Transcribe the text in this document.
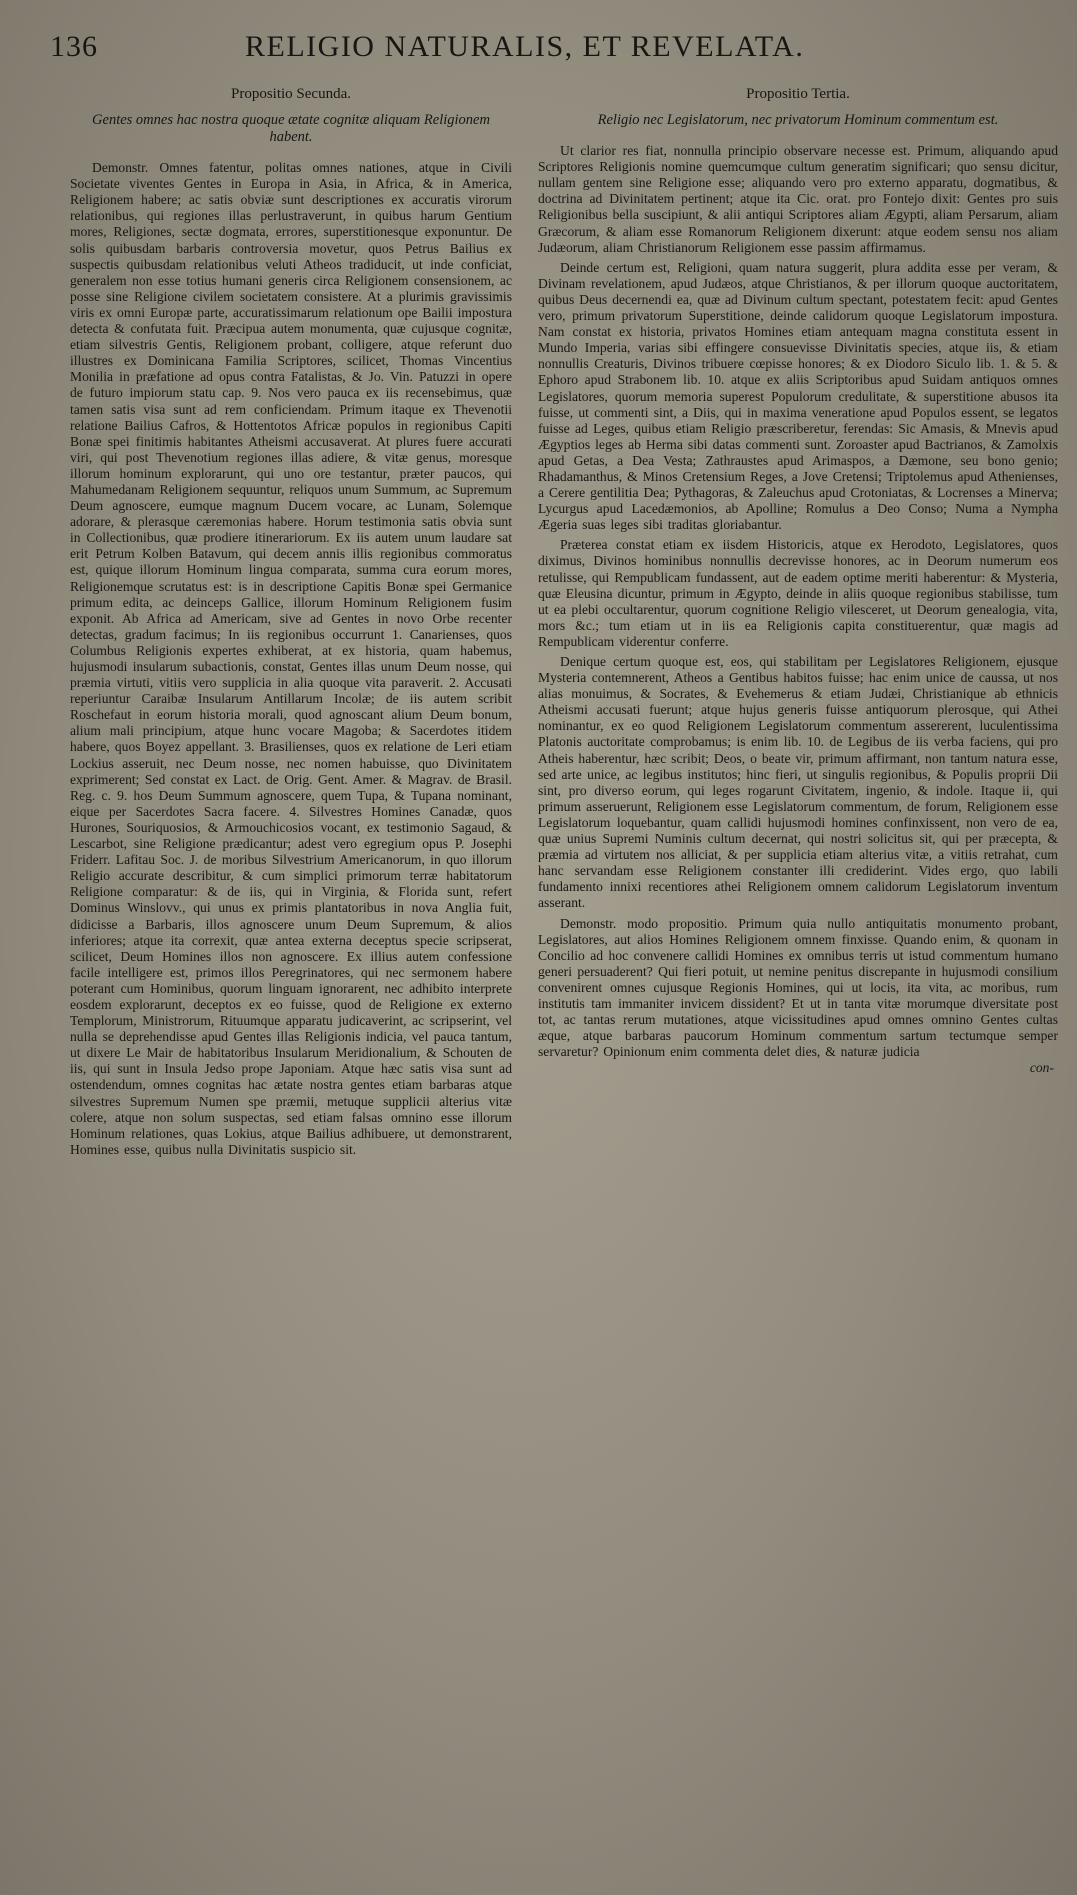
136	RELIGIO NATURALIS, ET REVELATA.
Propositio Secunda.
Gentes omnes hac nostra quoque ætate cognitæ aliquam Religionem habent.

Demonstr. Omnes fatentur, politas omnes nationes, atque in Civili Societate viventes Gentes in Europa in Asia, in Africa, & in America, Religionem habere; ac satis obviæ sunt descriptiones ex accuratis virorum relationibus, qui regiones illas perlustraverunt, in quibus harum Gentium mores, Religiones, sectæ dogmata, errores, superstitionesque exponuntur. De solis quibusdam barbaris controversia movetur, quos Petrus Bailius ex suspectis quibusdam relationibus veluti Atheos tradiducit, ut inde conficiat, generalem non esse totius humani generis circa Religionem consensionem, ac posse sine Religione civilem societatem consistere. At a plurimis gravissimis viris ex omni Europæ parte, accuratissimarum relationum ope Bailii impostura detecta & confutata fuit. Præcipua autem monumenta, quæ cujusque cognitæ, etiam silvestris Gentis, Religionem probant, colligere, atque referunt duo illustres ex Dominicana Familia Scriptores, scilicet, Thomas Vincentius Monilia in præfatione ad opus contra Fatalistas, & Jo. Vin. Patuzzi in opere de futuro impiorum statu cap. 9. Nos vero pauca ex iis recensebimus, quæ tamen satis visa sunt ad rem conficiendam. Primum itaque ex Thevenotii relatione Bailius Cafros, & Hottentotos Africæ populos in regionibus Capiti Bonæ spei finitimis habitantes Atheismi accusaverat. At plures fuere accurati viri, qui post Thevenotium regiones illas adiere, & vitæ genus, moresque illorum hominum explorarunt, qui uno ore testantur, præter paucos, qui Mahumedanam Religionem sequuntur, reliquos unum Summum, ac Supremum Deum agnoscere, eumque magnum Ducem vocare, ac Lunam, Solemque adorare, & plerasque cæremonias habere. Horum testimonia satis obvia sunt in Collectionibus, quæ prodiere itinerariorum. Ex iis autem unum laudare sat erit Petrum Kolben Batavum, qui decem annis illis regionibus commoratus est, quique illorum Hominum lingua comparata, summa cura eorum mores, Religionemque scrutatus est: is in descriptione Capitis Bonæ spei Germanice primum edita, ac deinceps Gallice, illorum Hominum Religionem fusim exponit. Ab Africa ad Americam, sive ad Gentes in novo Orbe recenter detectas, gradum facimus; In iis regionibus occurrunt 1. Canarienses, quos Columbus Religionis expertes exhiberat, at ex historia, quam habemus, hujusmodi insularum subactionis, constat, Gentes illas unum Deum nosse, qui præmia virtuti, vitiis vero supplicia in alia quoque vita paraverit. 2. Accusati reperiuntur Caraibæ Insularum Antillarum Incolæ; de iis autem scribit Roschefaut in eorum historia morali, quod agnoscant alium Deum bonum, alium mali principium, atque hunc vocare Magoba; & Sacerdotes itidem habere, quos Boyez appellant. 3. Brasilienses, quos ex relatione de Leri etiam Lockius asseruit, nec Deum nosse, nec nomen habuisse, quo Divinitatem exprimerent; Sed constat ex Lact. de Orig. Gent. Amer. & Magrav. de Brasil. Reg. c. 9. hos Deum Summum agnoscere, quem Tupa, & Tupana nominant, eique per Sacerdotes Sacra facere. 4. Silvestres Homines Canadæ, quos Hurones, Souriquosios, & Armouchicosios vocant, ex testimonio Sagaud, & Lescarbot, sine Religione prædicantur; adest vero egregium opus P. Josephi Friderr. Lafitau Soc. J. de moribus Silvestrium Americanorum, in quo illorum Religio accurate describitur, & cum simplici primorum terræ habitatorum Religione comparatur: & de iis, qui in Virginia, & Florida sunt, refert Dominus Winslovv., qui unus ex primis plantatoribus in nova Anglia fuit, didicisse a Barbaris, illos agnoscere unum Deum Supremum, & alios inferiores; atque ita correxit, quæ antea externa deceptus specie scripserat, scilicet, Deum Homines illos non agnoscere. Ex illius autem confessione facile intelligere est, primos illos Peregrinatores, qui nec sermonem habere poterant cum Hominibus, quorum linguam ignorarent, nec adhibito interprete eosdem explorarunt, deceptos ex eo fuisse, quod de Religione ex externo Templorum, Ministrorum, Rituumque apparatu judicaverint, ac scripserint, vel nulla se deprehendisse apud Gentes illas Religionis indicia, vel pauca tantum, ut dixere Le Mair de habitatoribus Insularum Meridionalium, & Schouten de iis, qui sunt in Insula Jedso prope Japoniam. Atque hæc satis visa sunt ad ostendendum, omnes cognitas hac ætate nostra gentes etiam barbaras atque silvestres Supremum Numen spe præmii, metuque supplicii alterius vitæ colere, atque non solum suspectas, sed etiam falsas omnino esse illorum Hominum relationes, quas Lokius, atque Bailius adhibuere, ut demonstrarent, Homines esse, quibus nulla Divinitatis suspicio sit.

Propositio Tertia.
Religio nec Legislatorum, nec privatorum Hominum commentum est.

Ut clarior res fiat, nonnulla principio observare necesse est. Primum, aliquando apud Scriptores Religionis nomine quemcumque cultum generatim significari; quo sensu dicitur, nullam gentem sine Religione esse; aliquando vero pro externo apparatu, dogmatibus, & doctrina ad Divinitatem pertinent; atque ita Cic. orat. pro Fontejo dixit: Gentes pro suis Religionibus bella suscipiunt, & alii antiqui Scriptores aliam Ægypti, aliam Persarum, aliam Græcorum, & aliam esse Romanorum Religionem dixerunt: atque eodem sensu nos aliam Judæorum, aliam Christianorum Religionem esse passim affirmamus.

Deinde certum est, Religioni, quam natura suggerit, plura addita esse per veram, & Divinam revelationem, apud Judæos, atque Christianos, & per illorum quoque auctoritatem, quibus Deus decernendi ea, quæ ad Divinum cultum spectant, potestatem fecit: apud Gentes vero, primum privatorum Superstitione, deinde calidorum quoque Legislatorum impostura. Nam constat ex historia, privatos Homines etiam antequam magna constituta essent in Mundo Imperia, varias sibi effingere consuevisse Divinitatis species, atque iis, & etiam nonnullis Creaturis, Divinos tribuere cœpisse honores; & ex Diodoro Siculo lib. 1. & 5. & Ephoro apud Strabonem lib. 10. atque ex aliis Scriptoribus apud Suidam antiquos omnes Legislatores, quorum memoria superest Populorum credulitate, & superstitione abusos ita fuisse, ut commenti sint, a Diis, qui in maxima veneratione apud Populos essent, se legatos fuisse ad Leges, quibus etiam Religio præscriberetur, ferendas: Sic Amasis, & Mnevis apud Ægyptios leges ab Herma sibi datas commenti sunt. Zoroaster apud Bactrianos, & Zamolxis apud Getas, a Dea Vesta; Zathraustes apud Arimaspos, a Dæmone, seu bono genio; Rhadamanthus, & Minos Cretensium Reges, a Jove Cretensi; Triptolemus apud Athenienses, a Cerere gentilitia Dea; Pythagoras, & Zaleuchus apud Crotoniatas, & Locrenses a Minerva; Lycurgus apud Lacedæmonios, ab Apolline; Romulus a Deo Conso; Numa a Nympha Ægeria suas leges sibi traditas gloriabantur.

Præterea constat etiam ex iisdem Historicis, atque ex Herodoto, Legislatores, quos diximus, Divinos hominibus nonnullis decrevisse honores, ac in Deorum numerum eos retulisse, qui Rempublicam fundassent, aut de eadem optime meriti haberentur: & Mysteria, quæ Eleusina dicuntur, primum in Ægypto, deinde in aliis quoque regionibus stabilisse, tum ut ea plebi occultarentur, quorum cognitione Religio vilesceret, ut Deorum genealogia, vita, mors &c.; tum etiam ut in iis ea Religionis capita constituerentur, quæ magis ad Rempublicam viderentur conferre.

Denique certum quoque est, eos, qui stabilitam per Legislatores Religionem, ejusque Mysteria contemnerent, Atheos a Gentibus habitos fuisse; hac enim unice de caussa, ut nos alias monuimus, & Socrates, & Evehemerus & etiam Judæi, Christianique ab ethnicis Atheismi accusati fuerunt; atque hujus generis fuisse antiquorum plerosque, qui Athei nominantur, ex eo quod Religionem Legislatorum commentum assererent, luculentissima Platonis auctoritate comprobamus; is enim lib. 10. de Legibus de iis verba faciens, qui pro Atheis haberentur, hæc scribit; Deos, o beate vir, primum affirmant, non tantum natura esse, sed arte unice, ac legibus institutos; hinc fieri, ut singulis regionibus, & Populis proprii Dii sint, pro diverso eorum, qui leges rogarunt Civitatem, ingenio, & indole. Itaque ii, qui primum asseruerunt, Religionem esse Legislatorum commentum, de forum, Religionem esse Legislatorum loquebantur, quam callidi hujusmodi homines confinxissent, non vero de ea, quæ unius Supremi Numinis cultum decernat, qui nostri solicitus sit, qui per præcepta, & præmia ad virtutem nos alliciat, & per supplicia etiam alterius vitæ, a vitiis retrahat, cum hanc servandam esse Religionem constanter illi crediderint. Vides ergo, quo labili fundamento innixi recentiores athei Religionem omnem calidorum Legislatorum inventum asserant.

Demonstr. modo propositio. Primum quia nullo antiquitatis monumento probant, Legislatores, aut alios Homines Religionem omnem finxisse. Quando enim, & quonam in Concilio ad hoc convenere callidi Homines ex omnibus terris ut istud commentum humano generi persuaderent? Qui fieri potuit, ut nemine penitus discrepante in hujusmodi consilium convenirent omnes cujusque Regionis Homines, qui ut locis, ita vita, ac moribus, rum institutis tam immaniter invicem dissident? Et ut in tanta vitæ morumque diversitate post tot, ac tantas rerum mutationes, atque vicissitudines apud omnes omnino Gentes cultas æque, atque barbaras paucorum Hominum commentum sartum tectumque semper servaretur? Opinionum enim commenta delet dies, & naturæ judicia

con-
